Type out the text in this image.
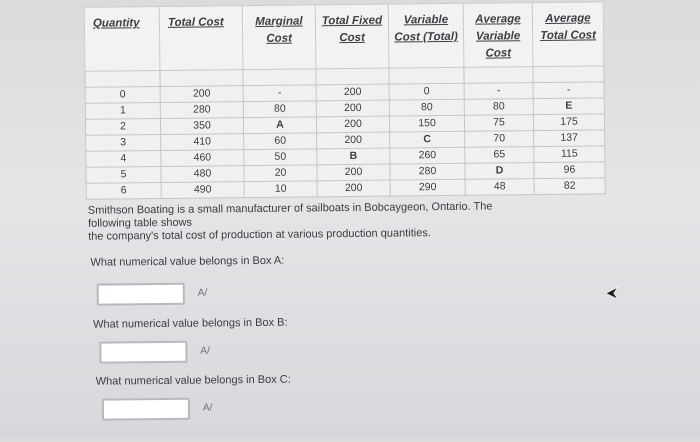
Quantity	Total Cost	Marginal Cost	Total Fixed Cost	Variable Cost (Total)	Average Variable Cost	Average Total Cost

0	200	-	200	0	-	-
1	280	80	200	80	80	E
2	350	A	200	150	75	175
3	410	60	200	C	70	137
4	460	50	B	260	65	115
5	480	20	200	280	D	96
6	490	10	200	290	48	82
Smithson Boating is a small manufacturer of sailboats in Bobcaygeon, Ontario. The
following table shows
the company's total cost of production at various production quantities.
What numerical value belongs in Box A:
A/
What numerical value belongs in Box B:
A/
What numerical value belongs in Box C:
A/
